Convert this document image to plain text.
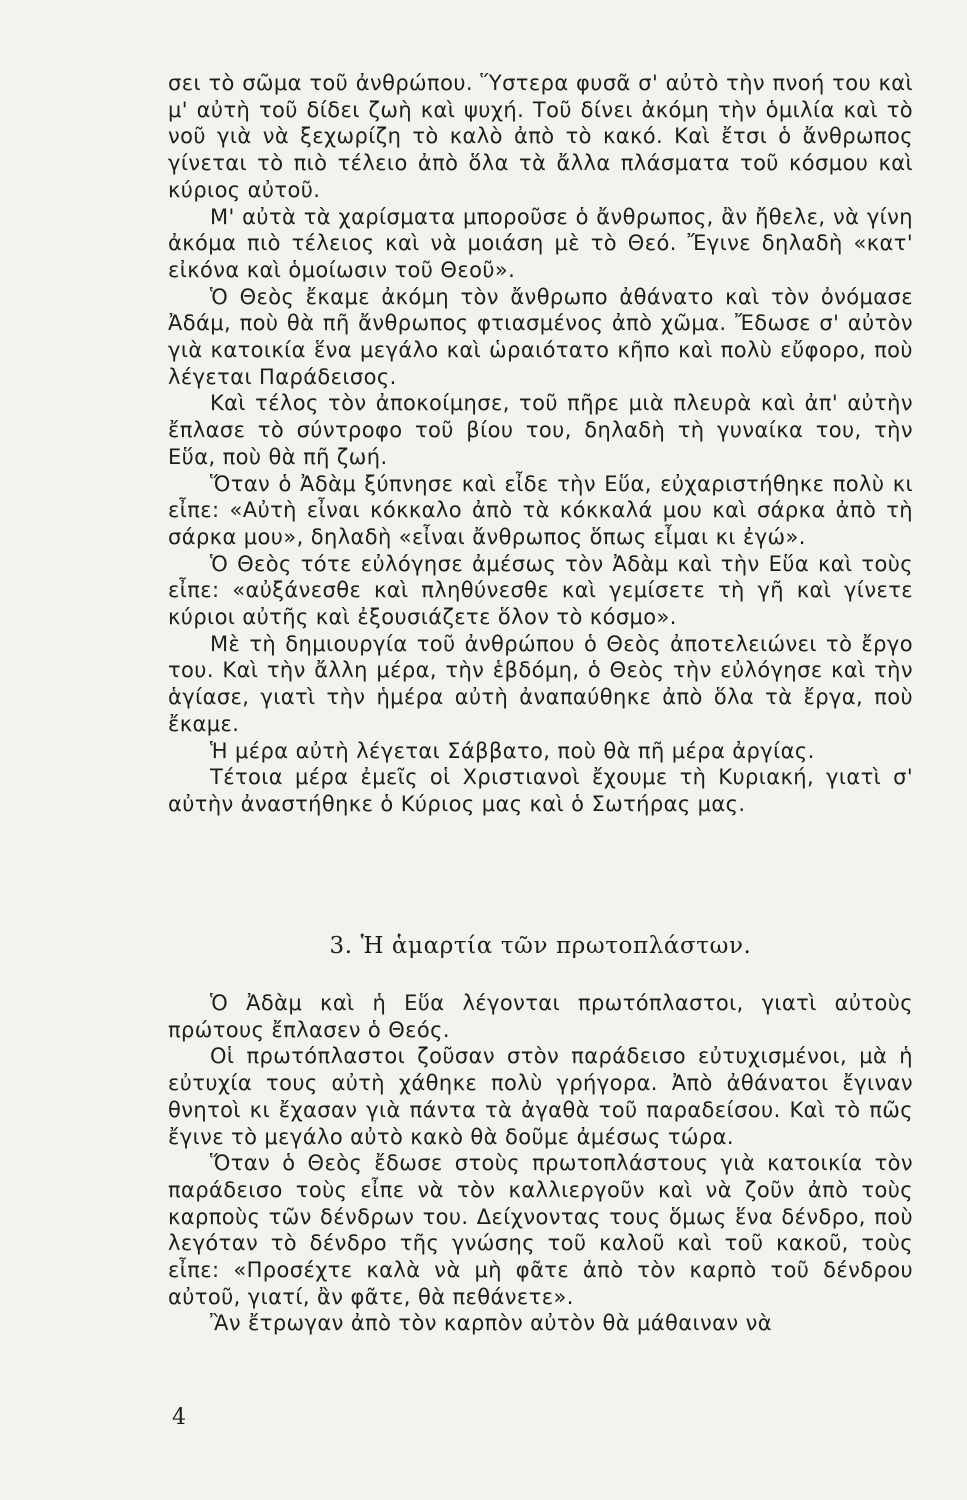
σει τὸ σῶμα τοῦ ἀνθρώπου. Ὕστερα φυσᾶ σ' αὐτὸ τὴν πνοή του καὶ μ' αὐτὴ τοῦ δίδει ζωὴ καὶ ψυχή. Τοῦ δίνει ἀκόμη τὴν ὁμιλία καὶ τὸ νοῦ γιὰ νὰ ξεχωρίζη τὸ καλὸ ἀπὸ τὸ κακό. Καὶ ἔτσι ὁ ἄνθρωπος γίνεται τὸ πιὸ τέλειο ἀπὸ ὅλα τὰ ἄλλα πλάσματα τοῦ κόσμου καὶ κύριος αὐτοῦ.

Μ' αὐτὰ τὰ χαρίσματα μποροῦσε ὁ ἄνθρωπος, ἂν ἤθελε, νὰ γίνη ἀκόμα πιὸ τέλειος καὶ νὰ μοιάση μὲ τὸ Θεό. Ἔγινε δηλαδὴ «κατ' εἰκόνα καὶ ὁμοίωσιν τοῦ Θεοῦ».

Ὁ Θεὸς ἔκαμε ἀκόμη τὸν ἄνθρωπο ἀθάνατο καὶ τὸν ὀνόμασε Ἀδάμ, ποὺ θὰ πῆ ἄνθρωπος φτιασμένος ἀπὸ χῶμα. Ἔδωσε σ' αὐτὸν γιὰ κατοικία ἕνα μεγάλο καὶ ὡραιότατο κῆπο καὶ πολὺ εὔφορο, ποὺ λέγεται Παράδεισος.

Καὶ τέλος τὸν ἀποκοίμησε, τοῦ πῆρε μιὰ πλευρὰ καὶ ἀπ' αὐτὴν ἔπλασε τὸ σύντροφο τοῦ βίου του, δηλαδὴ τὴ γυναίκα του, τὴν Εὕα, ποὺ θὰ πῆ ζωή.

Ὅταν ὁ Ἀδὰμ ξύπνησε καὶ εἶδε τὴν Εὕα, εὐχαριστήθηκε πολὺ κι εἶπε: «Αὐτὴ εἶναι κόκκαλο ἀπὸ τὰ κόκκαλά μου καὶ σάρκα ἀπὸ τὴ σάρκα μου», δηλαδὴ «εἶναι ἄνθρωπος ὅπως εἶμαι κι ἐγώ».

Ὁ Θεὸς τότε εὐλόγησε ἀμέσως τὸν Ἀδὰμ καὶ τὴν Εὕα καὶ τοὺς εἶπε: «αὐξάνεσθε καὶ πληθύνεσθε καὶ γεμίσετε τὴ γῆ καὶ γίνετε κύριοι αὐτῆς καὶ ἐξουσιάζετε ὅλον τὸ κόσμο».

Μὲ τὴ δημιουργία τοῦ ἀνθρώπου ὁ Θεὸς ἀποτελειώνει τὸ ἔργο του. Καὶ τὴν ἄλλη μέρα, τὴν ἑβδόμη, ὁ Θεὸς τὴν εὐλόγησε καὶ τὴν ἁγίασε, γιατὶ τὴν ἡμέρα αὐτὴ ἀναπαύθηκε ἀπὸ ὅλα τὰ ἔργα, ποὺ ἔκαμε.

Ἡ μέρα αὐτὴ λέγεται Σάββατο, ποὺ θὰ πῆ μέρα ἀργίας.

Τέτοια μέρα ἐμεῖς οἱ Χριστιανοὶ ἔχουμε τὴ Κυριακή, γιατὶ σ' αὐτὴν ἀναστήθηκε ὁ Κύριος μας καὶ ὁ Σωτήρας μας.

3. Ἡ ἁμαρτία τῶν πρωτοπλάστων.

Ὁ Ἀδὰμ καὶ ἡ Εὕα λέγονται πρωτόπλαστοι, γιατὶ αὐτοὺς πρώτους ἔπλασεν ὁ Θεός.

Οἱ πρωτόπλαστοι ζοῦσαν στὸν παράδεισο εὐτυχισμένοι, μὰ ἡ εὐτυχία τους αὐτὴ χάθηκε πολὺ γρήγορα. Ἀπὸ ἀθάνατοι ἔγιναν θνητοὶ κι ἔχασαν γιὰ πάντα τὰ ἀγαθὰ τοῦ παραδείσου. Καὶ τὸ πῶς ἔγινε τὸ μεγάλο αὐτὸ κακὸ θὰ δοῦμε ἀμέσως τώρα.

Ὅταν ὁ Θεὸς ἔδωσε στοὺς πρωτοπλάστους γιὰ κατοικία τὸν παράδεισο τοὺς εἶπε νὰ τὸν καλλιεργοῦν καὶ νὰ ζοῦν ἀπὸ τοὺς καρποὺς τῶν δένδρων του. Δείχνοντας τους ὅμως ἕνα δένδρο, ποὺ λεγόταν τὸ δένδρο τῆς γνώσης τοῦ καλοῦ καὶ τοῦ κακοῦ, τοὺς εἶπε: «Προσέχτε καλὰ νὰ μὴ φᾶτε ἀπὸ τὸν καρπὸ τοῦ δένδρου αὐτοῦ, γιατί, ἂν φᾶτε, θὰ πεθάνετε».

Ἂν ἔτρωγαν ἀπὸ τὸν καρπὸν αὐτὸν θὰ μάθαιναν νὰ

4
